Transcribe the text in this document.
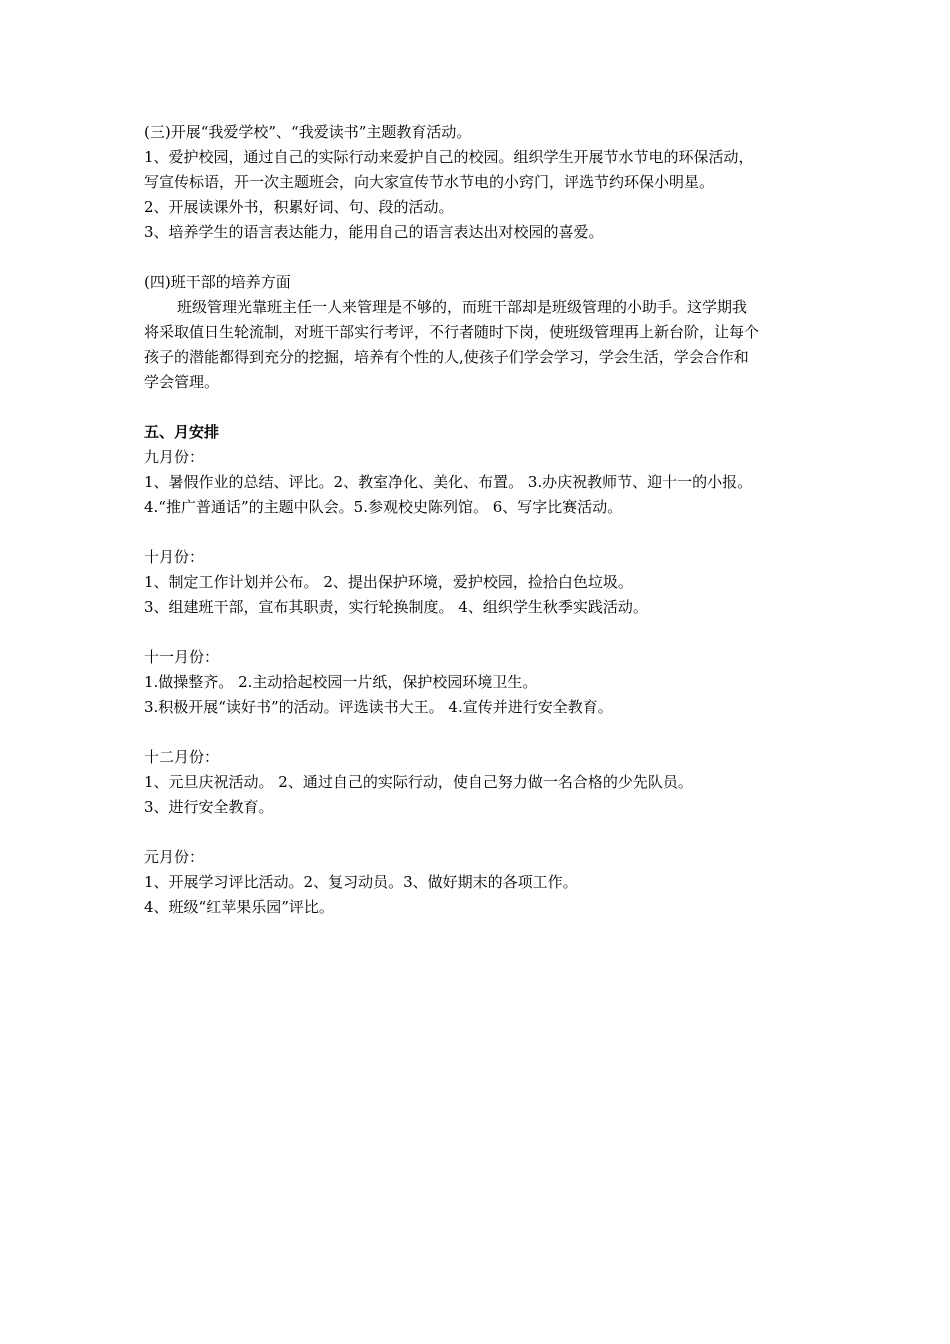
(三)开展“我爱学校”、“我爱读书”主题教育活动。
1、爱护校园，通过自己的实际行动来爱护自己的校园。组织学生开展节水节电的环保活动，
写宣传标语，开一次主题班会，向大家宣传节水节电的小窍门，评选节约环保小明星。
2、开展读课外书，积累好词、句、段的活动。
3、培养学生的语言表达能力，能用自己的语言表达出对校园的喜爱。
(四)班干部的培养方面
班级管理光靠班主任一人来管理是不够的，而班干部却是班级管理的小助手。这学期我
将采取值日生轮流制，对班干部实行考评，不行者随时下岗，使班级管理再上新台阶，让每个
孩子的潜能都得到充分的挖掘，培养有个性的人,使孩子们学会学习，学会生活，学会合作和
学会管理。
五、月安排
九月份：
1、暑假作业的总结、评比。2、教室净化、美化、布置。 3.办庆祝教师节、迎十一的小报。
4.“推广普通话”的主题中队会。5.参观校史陈列馆。 6、写字比赛活动。
十月份：
1、制定工作计划并公布。 2、提出保护环境，爱护校园，捡拾白色垃圾。
3、组建班干部，宣布其职责，实行轮换制度。 4、组织学生秋季实践活动。
十一月份：
1.做操整齐。 2.主动拾起校园一片纸，保护校园环境卫生。
3.积极开展“读好书”的活动。评选读书大王。 4.宣传并进行安全教育。
十二月份：
1、元旦庆祝活动。 2、通过自己的实际行动，使自己努力做一名合格的少先队员。
3、进行安全教育。
元月份：
1、开展学习评比活动。2、复习动员。3、做好期末的各项工作。
4、班级“红苹果乐园”评比。
